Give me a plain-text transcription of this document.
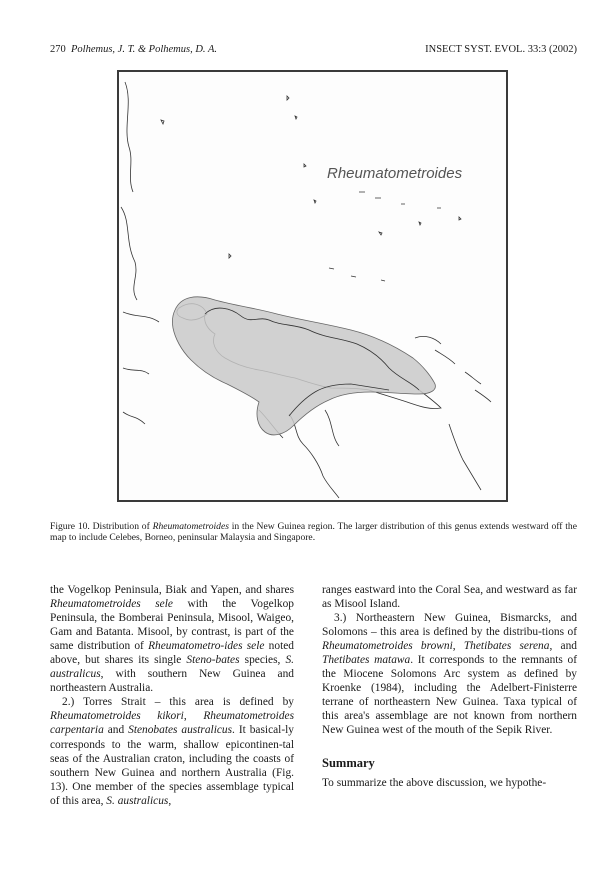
270 Polhemus, J. T. & Polhemus, D. A.	INSECT SYST. EVOL. 33:3 (2002)
Rheumatometroides
Figure 10. Distribution of Rheumatometroides in the New Guinea region. The larger distribution of this genus extends westward off the map to include Celebes, Borneo, peninsular Malaysia and Singapore.

the Vogelkop Peninsula, Biak and Yapen, and shares Rheumatometroides sele with the Vogelkop Peninsula, the Bomberai Peninsula, Misool, Waigeo, Gam and Batanta. Misool, by contrast, is part of the same distribution of Rheumatometro-ides sele noted above, but shares its single Steno-bates species, S. australicus, with southern New Guinea and northeastern Australia.

2.) Torres Strait – this area is defined by Rheumatometroides kikori, Rheumatometroides carpentaria and Stenobates australicus. It basical-ly corresponds to the warm, shallow epicontinen-tal seas of the Australian craton, including the coasts of southern New Guinea and northern Australia (Fig. 13). One member of the species assemblage typical of this area, S. australicus,

ranges eastward into the Coral Sea, and westward as far as Misool Island.

3.) Northeastern New Guinea, Bismarcks, and Solomons – this area is defined by the distribu-tions of Rheumatometroides browni, Thetibates serena, and Thetibates matawa. It corresponds to the remnants of the Miocene Solomons Arc system as defined by Kroenke (1984), including the Adelbert-Finisterre terrane of northeastern New Guinea. Taxa typical of this area's assemblage are not known from northern New Guinea west of the mouth of the Sepik River.

Summary

To summarize the above discussion, we hypothe-
